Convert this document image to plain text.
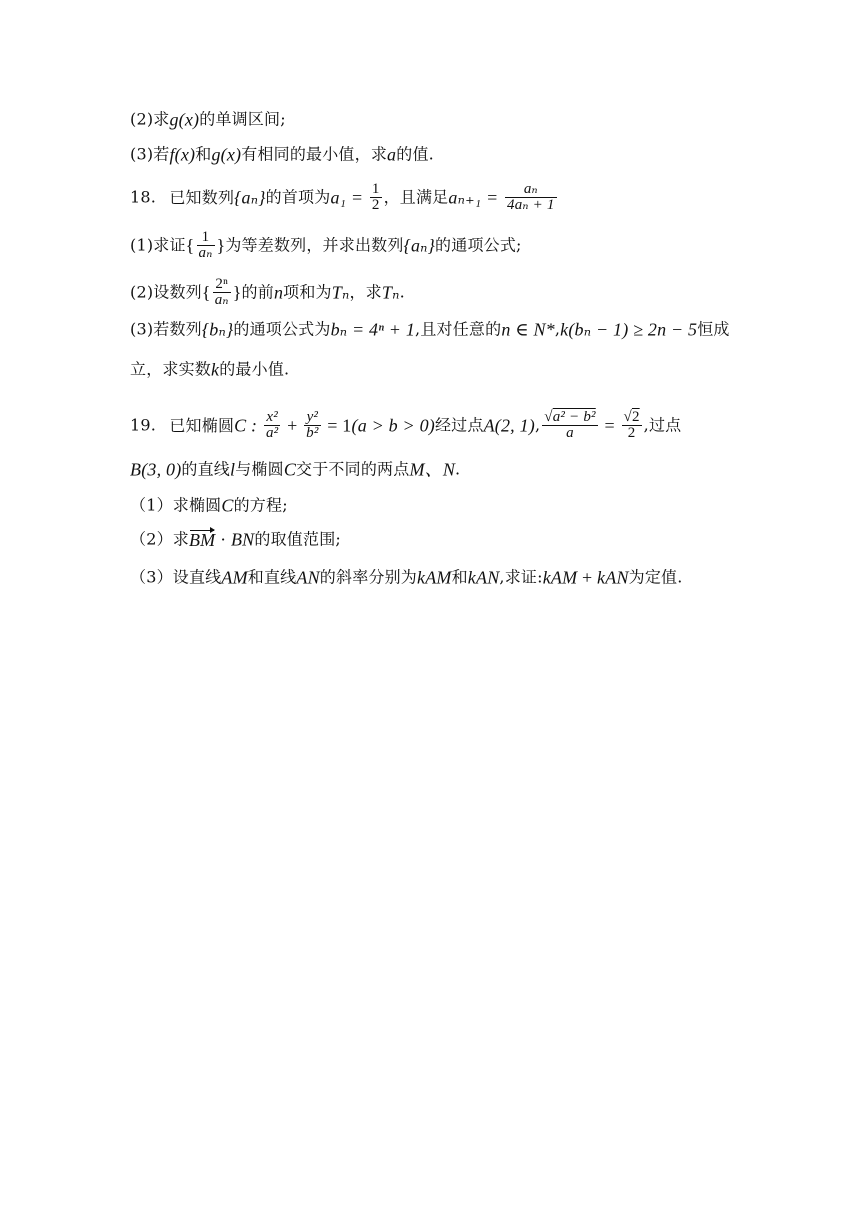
(2)求g(x)的单调区间;
(3)若f(x)和g(x)有相同的最小值，求a的值.
18. 已知数列{aₙ}的首项为$a_1 = \frac{1}{2}$ ，且满足$a_{n+1} = \frac{\text{aₙ}}{\text{4aₙ + 1}}$
(1)求证{ $\frac{1}{\text{aₙ}}$ }为等差数列，并求出数列{aₙ}的通项公式;
(2)设数列{ $\frac{\text{2ⁿ}}{\text{aₙ}}$ }的前n项和为Tₙ，求Tₙ.
(3)若数列{bₙ}的通项公式为bₙ = 4ⁿ + 1,且对任意的n ∈ N*,k(bₙ − 1) ≥ 2n − 5恒成
立，求实数k的最小值.
19. 已知椭圆C : $\frac{\text{x²}}{\text{a²}} + \frac{\text{y²}}{\text{b²}} = 1(a > b > 0)$经过点A(2, 1), $\frac{\text{√a² − b²}}{a} = \frac{√2}{2}$ ,过点
B(3, 0)的直线l与椭圆C交于不同的两点M、N.
（1）求椭圆C的方程;
（2）求BM · BN的取值范围;
（3）设直线AM和直线AN的斜率分别为kAM和kAN,求证:kAM + kAN为定值.
